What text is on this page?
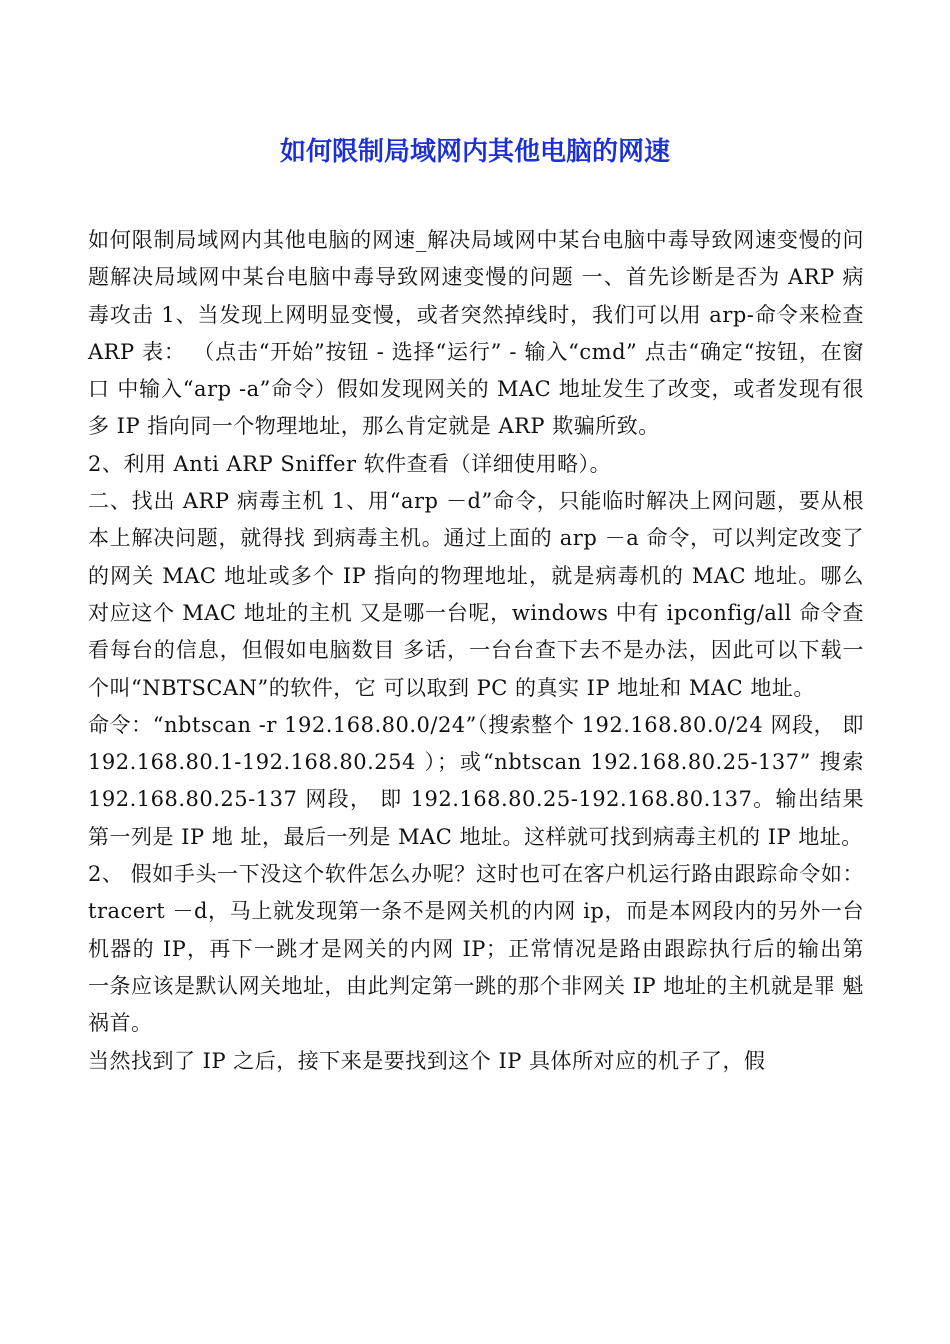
如何限制局域网内其他电脑的网速

如何限制局域网内其他电脑的网速_解决局域网中某台电脑中毒导致网速变慢的问题解决局域网中某台电脑中毒导致网速变慢的问题 一、首先诊断是否为 ARP 病毒攻击 1、当发现上网明显变慢，或者突然掉线时，我们可以用 arp-命令来检查 ARP 表： （点击“开始”按钮 - 选择“运行” - 输入“cmd” 点击“确定“按钮，在窗口 中输入“arp -a”命令）假如发现网关的 MAC 地址发生了改变，或者发现有很多 IP 指向同一个物理地址，那么肯定就是 ARP 欺骗所致。

2、利用 Anti ARP Sniffer 软件查看（详细使用略）。

二、找出 ARP 病毒主机 1、用“arp －d”命令，只能临时解决上网问题，要从根本上解决问题，就得找 到病毒主机。通过上面的 arp －a 命令，可以判定改变了的网关 MAC 地址或多个 IP 指向的物理地址，就是病毒机的 MAC 地址。哪么对应这个 MAC 地址的主机 又是哪一台呢，windows 中有 ipconfig/all 命令查看每台的信息，但假如电脑数目 多话，一台台查下去不是办法，因此可以下载一个叫“NBTSCAN”的软件，它 可以取到 PC 的真实 IP 地址和 MAC 地址。

命令：“nbtscan -r 192.168.80.0/24”（搜索整个 192.168.80.0/24 网段， 即 192.168.80.1-192.168.80.254 ）；或“nbtscan 192.168.80.25-137” 搜索 192.168.80.25-137 网段， 即 192.168.80.25-192.168.80.137。输出结果第一列是 IP 地 址，最后一列是 MAC 地址。这样就可找到病毒主机的 IP 地址。

2、 假如手头一下没这个软件怎么办呢？这时也可在客户机运行路由跟踪命令如： tracert －d，马上就发现第一条不是网关机的内网 ip，而是本网段内的另外一台 机器的 IP，再下一跳才是网关的内网 IP；正常情况是路由跟踪执行后的输出第 一条应该是默认网关地址，由此判定第一跳的那个非网关 IP 地址的主机就是罪 魁祸首。

当然找到了 IP 之后，接下来是要找到这个 IP 具体所对应的机子了，假
